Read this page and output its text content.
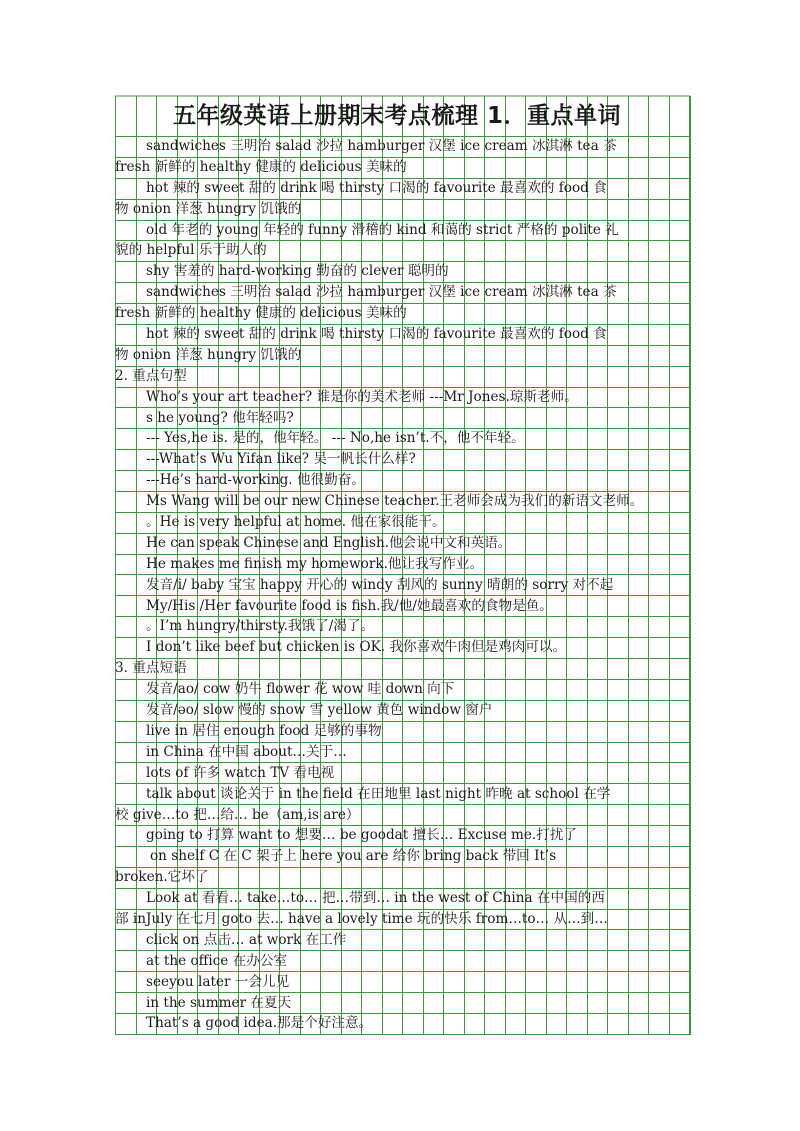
五年级英语上册期末考点梳理 1．重点单词
sandwiches 三明治 salad 沙拉 hamburger 汉堡 ice cream 冰淇淋 tea 茶
fresh 新鲜的 healthy 健康的 delicious 美味的
hot 辣的 sweet 甜的 drink 喝 thirsty 口渴的 favourite 最喜欢的 food 食
物 onion 洋葱 hungry 饥饿的
old 年老的 young 年轻的 funny 滑稽的 kind 和蔼的 strict 严格的 polite 礼
貌的 helpful 乐于助人的
shy 害羞的 hard-working 勤奋的 clever 聪明的
sandwiches 三明治 salad 沙拉 hamburger 汉堡 ice cream 冰淇淋 tea 茶
fresh 新鲜的 healthy 健康的 delicious 美味的
hot 辣的 sweet 甜的 drink 喝 thirsty 口渴的 favourite 最喜欢的 food 食
物 onion 洋葱 hungry 饥饿的
2. 重点句型
Who’s your art teacher? 谁是你的美术老师 ---Mr Jones.琼斯老师。
s he young? 他年轻吗?
--- Yes,he is. 是的，他年轻。 --- No,he isn’t.不，他不年轻。
---What’s Wu Yifan like? 吴一帆长什么样?
---He’s hard-working. 他很勤奋。
Ms Wang will be our new Chinese teacher.王老师会成为我们的新语文老师。
。He is very helpful at home. 他在家很能干。
He can speak Chinese and English.他会说中文和英语。
He makes me finish my homework.他让我写作业。
发音/i/ baby 宝宝 happy 开心的 windy 刮风的 sunny 晴朗的 sorry 对不起
My/His /Her favourite food is fish.我/他/她最喜欢的食物是鱼。
。I’m hungry/thirsty.我饿了/渴了。
I don’t like beef but chicken is OK. 我你喜欢牛肉但是鸡肉可以。
3. 重点短语
发音/ao/ cow 奶牛 flower 花 wow 哇 down 向下
发音/əo/ slow 慢的 snow 雪 yellow 黄色 window 窗户
live in 居住 enough food 足够的事物
in China 在中国 about…关于…
lots of 许多 watch TV 看电视
talk about 谈论关于 in the field 在田地里 last night 昨晚 at school 在学
校 give…to 把…给… be（am,is are）
going to 打算 want to 想要… be goodat 擅长… Excuse me.打扰了
on shelf C 在 C 架子上 here you are 给你 bring back 带回 It’s
broken.它坏了
Look at 看看… take…to… 把…带到… in the west of China 在中国的西
部 inJuly 在七月 goto 去… have a lovely time 玩的快乐 from…to… 从…到…
click on 点击… at work 在工作
at the office 在办公室
seeyou later 一会儿见
in the summer 在夏天
That’s a good idea.那是个好注意。
